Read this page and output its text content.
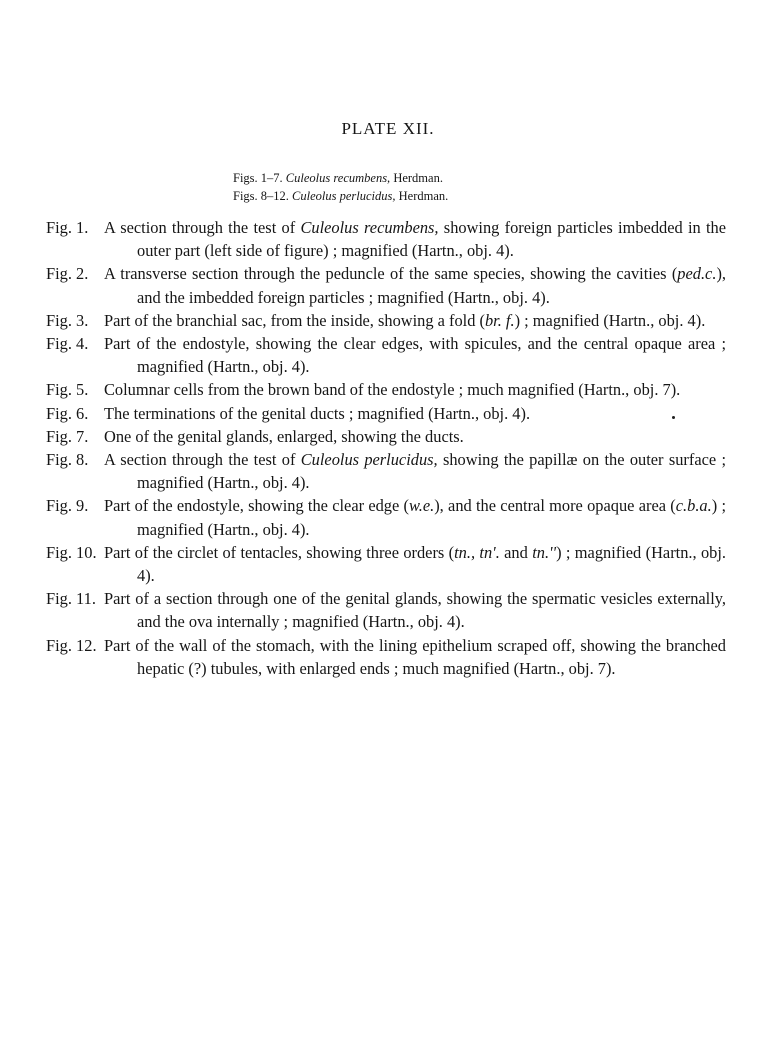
PLATE XII.
Figs. 1–7. Culeolus recumbens, Herdman.
Figs. 8–12. Culeolus perlucidus, Herdman.

Fig. 1. A section through the test of Culeolus recumbens, showing foreign particles imbedded in the outer part (left side of figure) ; magnified (Hartn., obj. 4).

Fig. 2. A transverse section through the peduncle of the same species, showing the cavities (ped.c.), and the imbedded foreign particles ; magnified (Hartn., obj. 4).

Fig. 3. Part of the branchial sac, from the inside, showing a fold (br. f.) ; magnified (Hartn., obj. 4).

Fig. 4. Part of the endostyle, showing the clear edges, with spicules, and the central opaque area ; magnified (Hartn., obj. 4).

Fig. 5. Columnar cells from the brown band of the endostyle ; much magnified (Hartn., obj. 7).

Fig. 6. The terminations of the genital ducts ; magnified (Hartn., obj. 4).

Fig. 7. One of the genital glands, enlarged, showing the ducts.

Fig. 8. A section through the test of Culeolus perlucidus, showing the papillæ on the outer surface ; magnified (Hartn., obj. 4).

Fig. 9. Part of the endostyle, showing the clear edge (w.e.), and the central more opaque area (c.b.a.) ; magnified (Hartn., obj. 4).

Fig. 10. Part of the circlet of tentacles, showing three orders (tn., tn'. and tn.'') ; magnified (Hartn., obj. 4).

Fig. 11. Part of a section through one of the genital glands, showing the spermatic vesicles externally, and the ova internally ; magnified (Hartn., obj. 4).

Fig. 12. Part of the wall of the stomach, with the lining epithelium scraped off, showing the branched hepatic (?) tubules, with enlarged ends ; much magnified (Hartn., obj. 7).
